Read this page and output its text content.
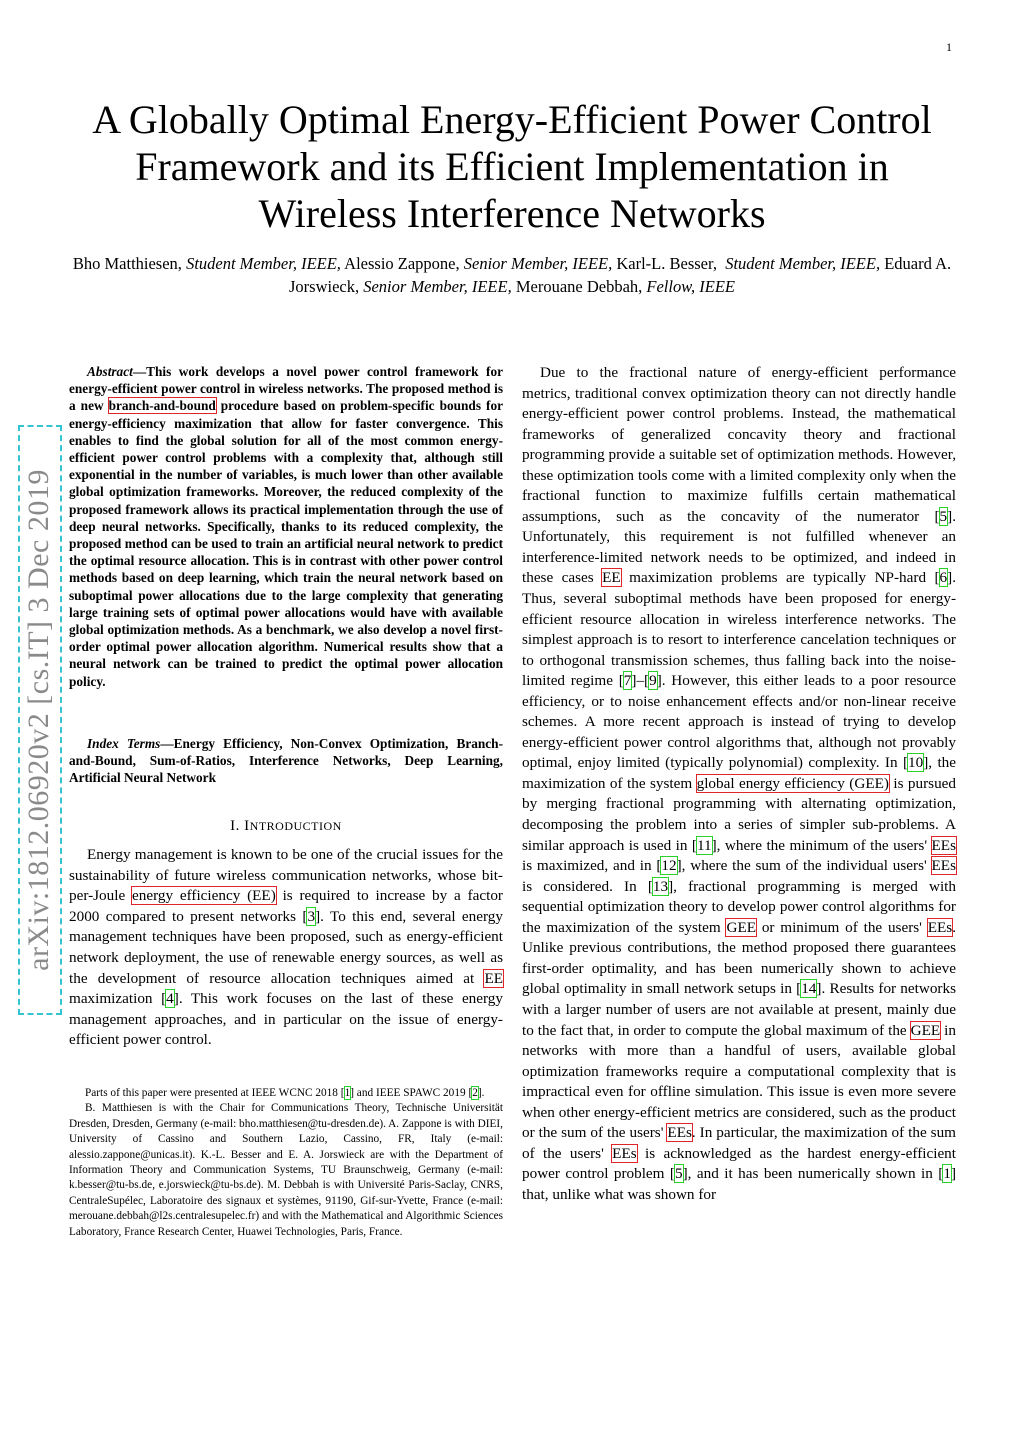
1
arXiv:1812.06920v2 [cs.IT] 3 Dec 2019
A Globally Optimal Energy-Efficient Power Control
Framework and its Efficient Implementation in
Wireless Interference Networks
Bho Matthiesen, Student Member, IEEE, Alessio Zappone, Senior Member, IEEE, Karl-L. Besser, Student Member, IEEE, Eduard A. Jorswieck, Senior Member, IEEE, Merouane Debbah, Fellow, IEEE
Abstract—This work develops a novel power control framework for energy-efficient power control in wireless networks. The proposed method is a new branch-and-bound procedure based on problem-specific bounds for energy-efficiency maximization that allow for faster convergence. This enables to find the global solution for all of the most common energy-efficient power control problems with a complexity that, although still exponential in the number of variables, is much lower than other available global optimization frameworks. Moreover, the reduced complexity of the proposed framework allows its practical implementation through the use of deep neural networks. Specifically, thanks to its reduced complexity, the proposed method can be used to train an artificial neural network to predict the optimal resource allocation. This is in contrast with other power control methods based on deep learning, which train the neural network based on suboptimal power allocations due to the large complexity that generating large training sets of optimal power allocations would have with available global optimization methods. As a benchmark, we also develop a novel first-order optimal power allocation algorithm. Numerical results show that a neural network can be trained to predict the optimal power allocation policy.
Index Terms—Energy Efficiency, Non-Convex Optimization, Branch-and-Bound, Sum-of-Ratios, Interference Networks, Deep Learning, Artificial Neural Network
I. INTRODUCTION
Energy management is known to be one of the crucial issues for the sustainability of future wireless communication networks, whose bit-per-Joule energy efficiency (EE) is required to increase by a factor 2000 compared to present networks [3]. To this end, several energy management techniques have been proposed, such as energy-efficient network deployment, the use of renewable energy sources, as well as the development of resource allocation techniques aimed at EE maximization [4]. This work focuses on the last of these energy management approaches, and in particular on the issue of energy-efficient power control.

Parts of this paper were presented at IEEE WCNC 2018 [1] and IEEE SPAWC 2019 [2].

B. Matthiesen is with the Chair for Communications Theory, Technische Universität Dresden, Dresden, Germany (e-mail: bho.matthiesen@tu-dresden.de). A. Zappone is with DIEI, University of Cassino and Southern Lazio, Cassino, FR, Italy (e-mail: alessio.zappone@unicas.it). K.-L. Besser and E. A. Jorswieck are with the Department of Information Theory and Communication Systems, TU Braunschweig, Germany (e-mail: k.besser@tu-bs.de, e.jorswieck@tu-bs.de). M. Debbah is with Université Paris-Saclay, CNRS, CentraleSupélec, Laboratoire des signaux et systèmes, 91190, Gif-sur-Yvette, France (e-mail: merouane.debbah@l2s.centralesupelec.fr) and with the Mathematical and Algorithmic Sciences Laboratory, France Research Center, Huawei Technologies, Paris, France.

Due to the fractional nature of energy-efficient performance metrics, traditional convex optimization theory can not directly handle energy-efficient power control problems. Instead, the mathematical frameworks of generalized concavity theory and fractional programming provide a suitable set of optimization methods. However, these optimization tools come with a limited complexity only when the fractional function to maximize fulfills certain mathematical assumptions, such as the concavity of the numerator [5]. Unfortunately, this requirement is not fulfilled whenever an interference-limited network needs to be optimized, and indeed in these cases EE maximization problems are typically NP-hard [6]. Thus, several suboptimal methods have been proposed for energy-efficient resource allocation in wireless interference networks. The simplest approach is to resort to interference cancelation techniques or to orthogonal transmission schemes, thus falling back into the noise-limited regime [7]–[9]. However, this either leads to a poor resource efficiency, or to noise enhancement effects and/or non-linear receive schemes. A more recent approach is instead of trying to develop energy-efficient power control algorithms that, although not provably optimal, enjoy limited (typically polynomial) complexity. In [10], the maximization of the system global energy efficiency (GEE) is pursued by merging fractional programming with alternating optimization, decomposing the problem into a series of simpler sub-problems. A similar approach is used in [11], where the minimum of the users' EEs is maximized, and in [12], where the sum of the individual users' EEs is considered. In [13], fractional programming is merged with sequential optimization theory to develop power control algorithms for the maximization of the system GEE or minimum of the users' EEs. Unlike previous contributions, the method proposed there guarantees first-order optimality, and has been numerically shown to achieve global optimality in small network setups in [14]. Results for networks with a larger number of users are not available at present, mainly due to the fact that, in order to compute the global maximum of the GEE in networks with more than a handful of users, available global optimization frameworks require a computational complexity that is impractical even for offline simulation. This issue is even more severe when other energy-efficient metrics are considered, such as the product or the sum of the users' EEs. In particular, the maximization of the sum of the users' EEs is acknowledged as the hardest energy-efficient power control problem [5], and it has been numerically shown in [1] that, unlike what was shown for
